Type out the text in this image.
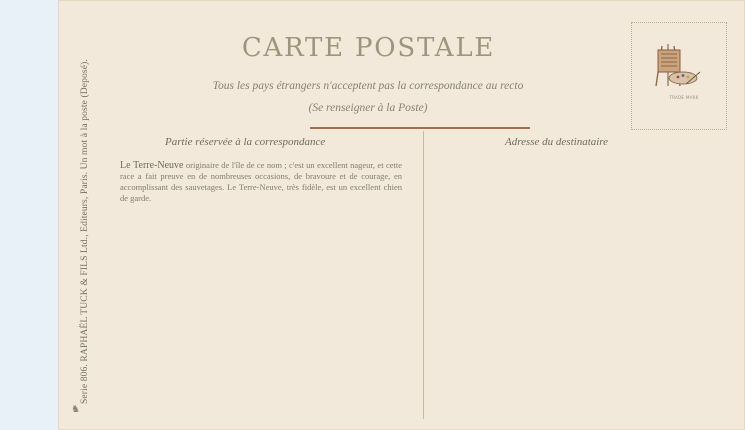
Serie 806. RAPHAËL TUCK & FILS Ltd., Editeurs, Paris. Un mot à la poste (Deposé).
♞
CARTE POSTALE
Tous les pays étrangers n'acceptent pas la correspondance au recto
(Se renseigner à la Poste)
Partie réservée à la correspondance	Adresse du destinataire
Le Terre-Neuve originaire de l'île de ce nom ; c'est un excellent nageur, et cette race a fait preuve en de nombreuses occasions, de bravoure et de courage, en accomplissant des sauvetages. Le Terre-Neuve, très fidèle, est un excellent chien de garde.
TRADE MARK
